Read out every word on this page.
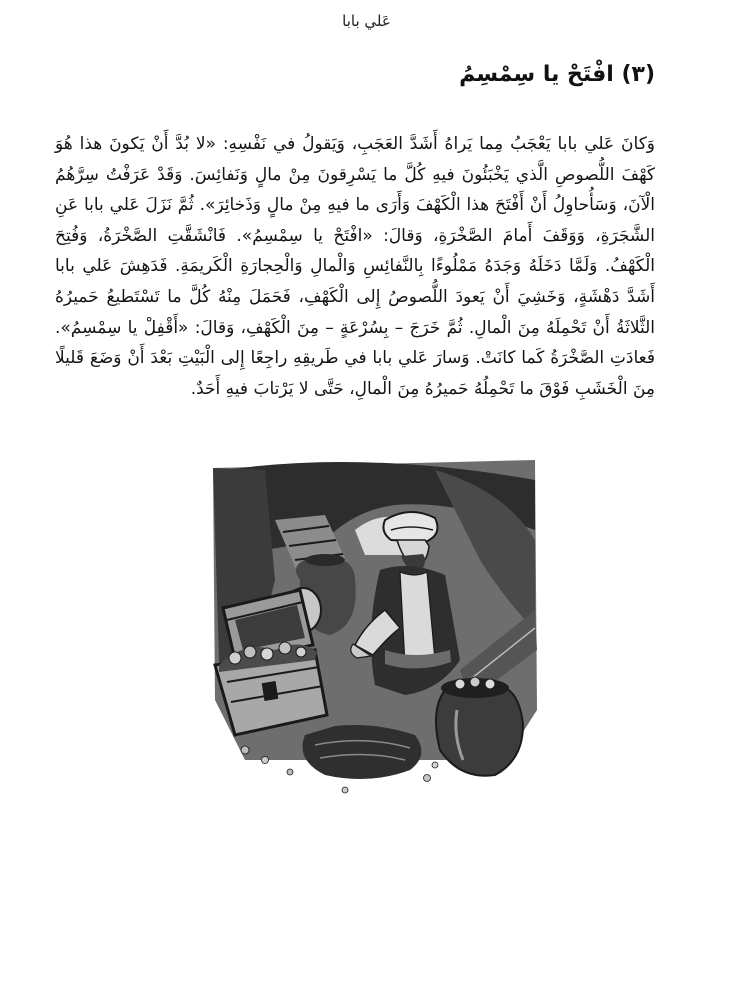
عَلي بابا
(٣) افْتَحْ يا سِمْسِمُ

وَكانَ عَلي بابا يَعْجَبُ مِما يَراهُ أَشَدَّ العَجَبِ، وَيَقولُ في نَفْسِهِ: «لا بُدَّ أَنْ يَكونَ هذا هُوَ كَهْفَ اللُّصوصِ الَّذي يَخْبَئُونَ فيهِ كُلَّ ما يَسْرِقونَ مِنْ مالٍ وَنَفائِسَ. وَقَدْ عَرَفْتُ سِرَّهُمُ الْآنَ، وَسَأُحاوِلُ أَنْ أَفْتَحَ هذا الْكَهْفَ وَأَرَى ما فيهِ مِنْ مالٍ وَذَخائِرَ». ثُمَّ نَزَلَ عَلي بابا عَنِ الشَّجَرَةِ، وَوَقَفَ أَمامَ الصَّخْرَةِ، وَقالَ: «افْتَحْ يا سِمْسِمُ». فَانْشَقَّتِ الصَّخْرَةُ، وَفُتِحَ الْكَهْفُ. وَلَمَّا دَخَلَهُ وَجَدَهُ مَمْلُوءًا بِالنَّفائِسِ وَالْمالِ وَالْحِجارَةِ الْكَريمَةِ. فَدَهِشَ عَلي بابا أَشَدَّ دَهْشَةٍ، وَخَشِيَ أَنْ يَعودَ اللُّصوصُ إِلى الْكَهْفِ، فَحَمَلَ مِنْهُ كُلَّ ما تَسْتَطيعُ حَميرُهُ الثَّلاثَةُ أَنْ تَحْمِلَهُ مِنَ الْمالِ. ثُمَّ خَرَجَ – بِسُرْعَةٍ – مِنَ الْكَهْفِ، وَقالَ: «أَقْفِلْ يا سِمْسِمُ». فَعادَتِ الصَّخْرَةُ كَما كانَتْ. وَسارَ عَلي بابا في طَريقِهِ راجِعًا إِلى الْبَيْتِ بَعْدَ أَنْ وَضَعَ قَليلًا مِنَ الْخَشَبِ فَوْقَ ما تَحْمِلُهُ حَميرُهُ مِنَ الْمالِ، حَتَّى لا يَرْتابَ فيهِ أَحَدٌ.
